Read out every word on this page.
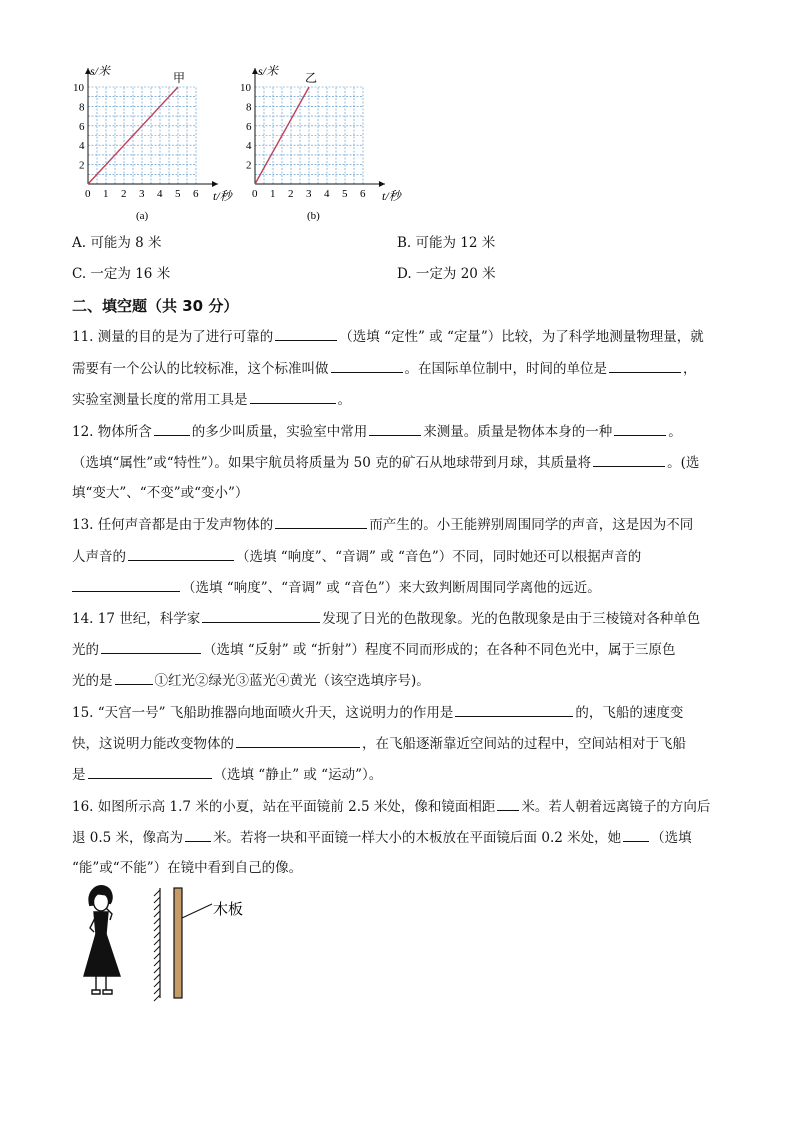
0 1 2 3 4 5 6
10
8
6
4
2
s/米
t/秒
甲
(a)
0 1 2 3 4 5 6
10
8
6
4
2
s/米
t/秒
乙
(b)
A. 可能为 8 米	B. 可能为 12 米
C. 一定为 16 米	D. 一定为 20 米
二、填空题（共 30 分）
11. 测量的目的是为了进行可靠的	（选填 “定性” 或 “定量”）比较，为了科学地测量物理量，就
需要有一个公认的比较标准，这个标准叫做	。在国际单位制中，时间的单位是	，
实验室测量长度的常用工具是	。
12. 物体所含	的多少叫质量，实验室中常用	来测量。质量是物体本身的一种	。
（选填“属性”或“特性”）。如果宇航员将质量为 50 克的矿石从地球带到月球，其质量将	。(选
填“变大”、“不变”或“变小”）
13. 任何声音都是由于发声物体的	而产生的。小王能辨别周围同学的声音，这是因为不同
人声音的	（选填 “响度”、“音调” 或 “音色”）不同，同时她还可以根据声音的
（选填 “响度”、“音调” 或 “音色”）来大致判断周围同学离他的远近。
14. 17 世纪，科学家	发现了日光的色散现象。光的色散现象是由于三棱镜对各种单色
光的	（选填 “反射” 或 “折射”）程度不同而形成的；在各种不同色光中，属于三原色
光的是	①红光②绿光③蓝光④黄光（该空选填序号)。
15. “天宫一号” 飞船助推器向地面喷火升天，这说明力的作用是	的，飞船的速度变
快，这说明力能改变物体的	，在飞船逐渐靠近空间站的过程中，空间站相对于飞船
是	（选填 “静止” 或 “运动”）。
16. 如图所示高 1.7 米的小夏，站在平面镜前 2.5 米处，像和镜面相距 米。若人朝着远离镜子的方向后
退 0.5 米，像高为 米。若将一块和平面镜一样大小的木板放在平面镜后面 0.2 米处，她 （选填
“能”或“不能”）在镜中看到自己的像。
木板
